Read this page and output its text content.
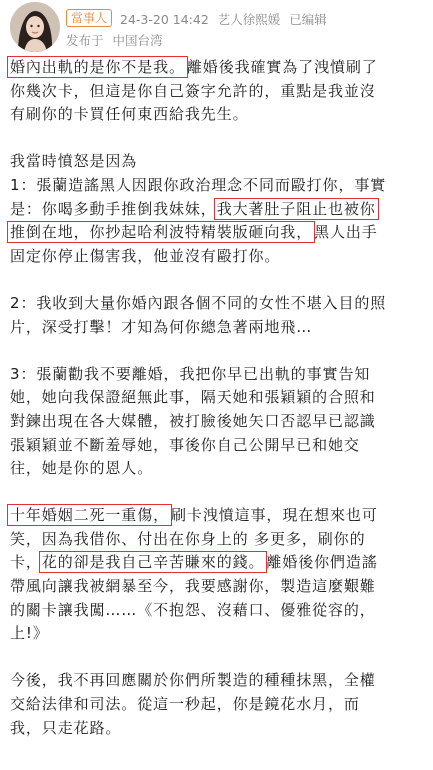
當事人	24-3-20 14:42 艺人徐熙媛 已编辑
发布于 中国台湾
婚內出軌的是你不是我。 離婚後我確實為了洩憤刷了
你幾次卡，但這是你自己簽字允許的，重點是我並沒
有刷你的卡買任何東西給我先生。
我當時憤怒是因為
1：張蘭造謠黑人因跟你政治理念不同而毆打你，事實
是：你喝多動手推倒我妹妹，我大著肚子阻止也被你
推倒在地，你抄起哈利波特精裝版砸向我， 黑人出手
固定你停止傷害我，他並沒有毆打你。
2：我收到大量你婚內跟各個不同的女性不堪入目的照
片，深受打擊！才知為何你總急著兩地飛…
3：張蘭勸我不要離婚，我把你早已出軌的事實告知
她，她向我保證絕無此事，隔天她和張穎穎的合照和
對鍊出現在各大媒體，被打臉後她矢口否認早已認識
張穎穎並不斷羞辱她，事後你自己公開早已和她交
往，她是你的恩人。
十年婚姻二死一重傷， 刷卡洩憤這事，現在想來也可
笑，因為我借你、付出在你身上的 多更多，刷你的
卡，花的卻是我自己辛苦賺來的錢。 離婚後你們造謠
帶風向讓我被網暴至今，我要感謝你，製造這麼艱難
的關卡讓我闖……《不抱怨、沒藉口、優雅從容的，
上!》
今後，我不再回應關於你們所製造的種種抹黑，全權
交給法律和司法。從這一秒起，你是鏡花水月，而
我，只走花路。
